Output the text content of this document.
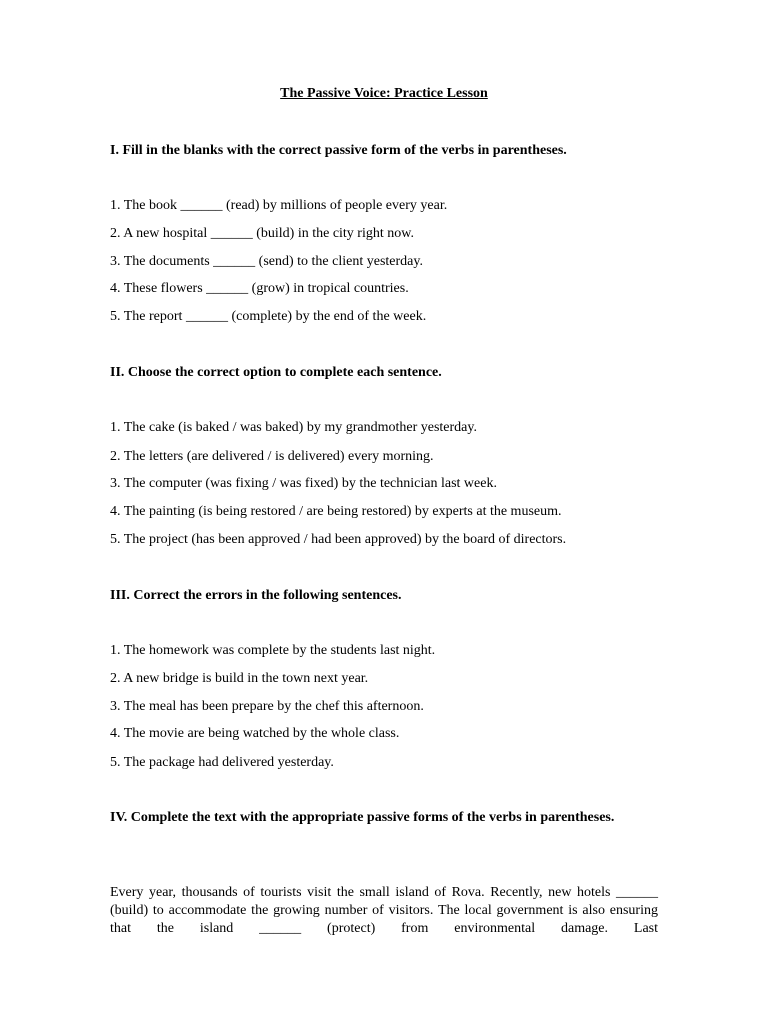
The Passive Voice: Practice Lesson
I. Fill in the blanks with the correct passive form of the verbs in parentheses.
1. The book ______ (read) by millions of people every year.
2. A new hospital ______ (build) in the city right now.
3. The documents ______ (send) to the client yesterday.
4. These flowers ______ (grow) in tropical countries.
5. The report ______ (complete) by the end of the week.
II. Choose the correct option to complete each sentence.
1. The cake (is baked / was baked) by my grandmother yesterday.
2. The letters (are delivered / is delivered) every morning.
3. The computer (was fixing / was fixed) by the technician last week.
4. The painting (is being restored / are being restored) by experts at the museum.
5. The project (has been approved / had been approved) by the board of directors.
III. Correct the errors in the following sentences.
1. The homework was complete by the students last night.
2. A new bridge is build in the town next year.
3. The meal has been prepare by the chef this afternoon.
4. The movie are being watched by the whole class.
5. The package had delivered yesterday.
IV. Complete the text with the appropriate passive forms of the verbs in parentheses.
Every year, thousands of tourists visit the small island of Rova. Recently, new hotels ______ (build) to accommodate the growing number of visitors. The local government is also ensuring that the island ______ (protect) from environmental damage. Last
